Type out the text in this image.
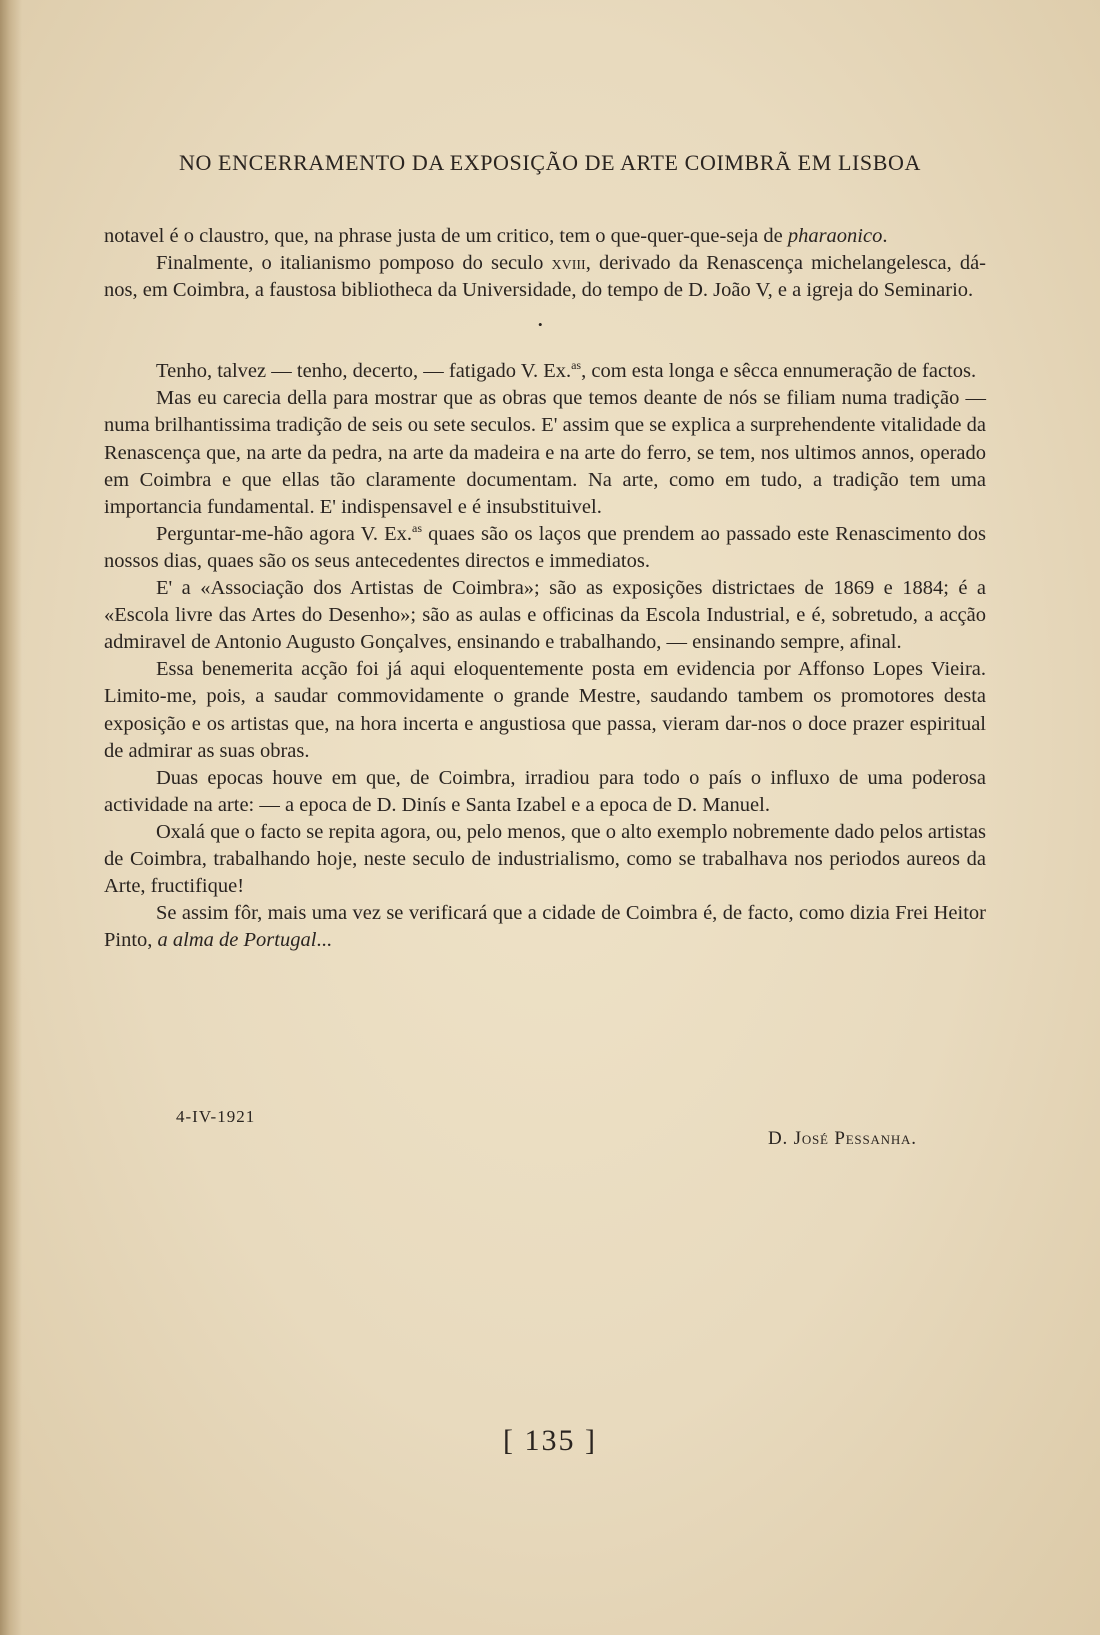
NO ENCERRAMENTO DA EXPOSIÇÃO DE ARTE COIMBRÃ EM LISBOA

notavel é o claustro, que, na phrase justa de um critico, tem o que-quer-que-seja de pharaonico.

Finalmente, o italianismo pomposo do seculo xviii, derivado da Renascença michelangelesca, dá-nos, em Coimbra, a faustosa bibliotheca da Universidade, do tempo de D. João V, e a igreja do Seminario.

•

Tenho, talvez — tenho, decerto, — fatigado V. Ex.$^{as}$, com esta longa e sêcca ennumeração de factos.

Mas eu carecia della para mostrar que as obras que temos deante de nós se filiam numa tradição — numa brilhantissima tradição de seis ou sete seculos. E' assim que se explica a surprehendente vitalidade da Renascença que, na arte da pedra, na arte da madeira e na arte do ferro, se tem, nos ultimos annos, operado em Coimbra e que ellas tão claramente documentam. Na arte, como em tudo, a tradição tem uma importancia fundamental. E' indispensavel e é insubstituivel.

Perguntar-me-hão agora V. Ex.$^{as}$ quaes são os laços que prendem ao passado este Renascimento dos nossos dias, quaes são os seus antecedentes directos e immediatos.

E' a «Associação dos Artistas de Coimbra»; são as exposições districtaes de 1869 e 1884; é a «Escola livre das Artes do Desenho»; são as aulas e officinas da Escola Industrial, e é, sobretudo, a acção admiravel de Antonio Augusto Gonçalves, ensinando e trabalhando, — ensinando sempre, afinal.

Essa benemerita acção foi já aqui eloquentemente posta em evidencia por Affonso Lopes Vieira. Limito-me, pois, a saudar commovidamente o grande Mestre, saudando tambem os promotores desta exposição e os artistas que, na hora incerta e angustiosa que passa, vieram dar-nos o doce prazer espiritual de admirar as suas obras.

Duas epocas houve em que, de Coimbra, irradiou para todo o país o influxo de uma poderosa actividade na arte: — a epoca de D. Dinís e Santa Izabel e a epoca de D. Manuel.

Oxalá que o facto se repita agora, ou, pelo menos, que o alto exemplo nobremente dado pelos artistas de Coimbra, trabalhando hoje, neste seculo de industrialismo, como se trabalhava nos periodos aureos da Arte, fructifique!

Se assim fôr, mais uma vez se verificará que a cidade de Coimbra é, de facto, como dizia Frei Heitor Pinto, a alma de Portugal...

4-IV-1921
D. José Pessanha.
[ 135 ]
